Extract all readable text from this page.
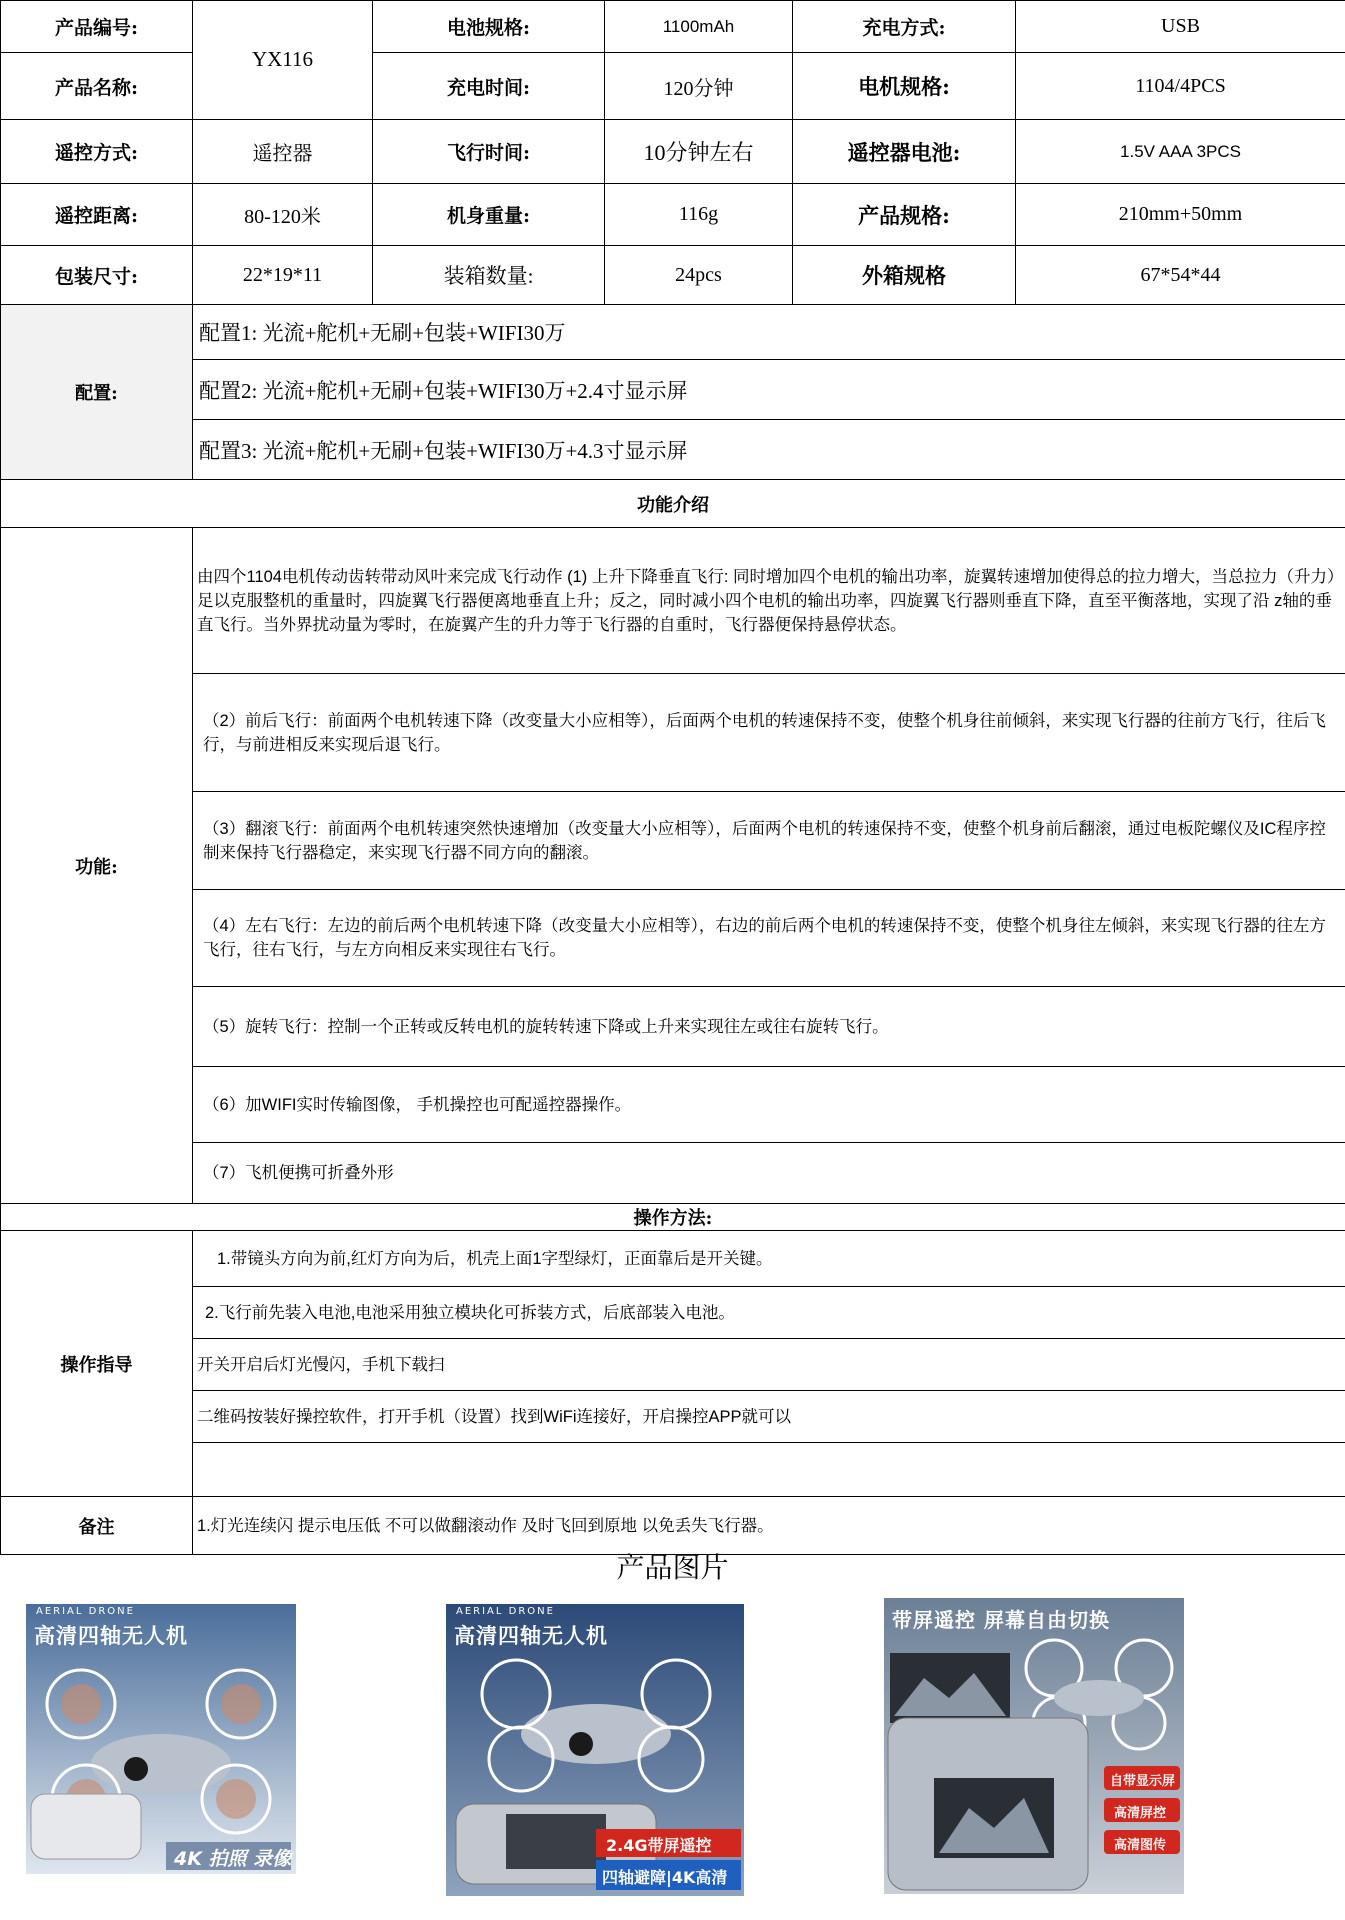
产品编号:	YX116	电池规格:	1100mAh	充电方式:	USB
产品名称:		充电时间:	120分钟	电机规格:	1104/4PCS
遥控方式:	遥控器	飞行时间:	10分钟左右	遥控器电池:	1.5V AAA 3PCS
遥控距离:	80-120米	机身重量:	116g	产品规格:	210mm+50mm
包装尺寸:	22*19*11	装箱数量:	24pcs	外箱规格	67*54*44
配置:	配置1: 光流+舵机+无刷+包装+WIFI30万				
	配置2: 光流+舵机+无刷+包装+WIFI30万+2.4寸显示屏				
	配置3: 光流+舵机+无刷+包装+WIFI30万+4.3寸显示屏				
功能介绍					
功能:	由四个1104电机传动齿转带动风叶来完成飞行动作 (1) 上升下降垂直飞行: 同时增加四个电机的输出功率，旋翼转速增加使得总的拉力增大，当总拉力（升力）足以克服整机的重量时，四旋翼飞行器便离地垂直上升；反之，同时减小四个电机的输出功率，四旋翼飞行器则垂直下降，直至平衡落地，实现了沿 z轴的垂直飞行。当外界扰动量为零时，在旋翼产生的升力等于飞行器的自重时，飞行器便保持悬停状态。				
	（2）前后飞行：前面两个电机转速下降（改变量大小应相等），后面两个电机的转速保持不变，使整个机身往前倾斜，来实现飞行器的往前方飞行，往后飞行，与前进相反来实现后退飞行。				
	（3）翻滚飞行：前面两个电机转速突然快速增加（改变量大小应相等），后面两个电机的转速保持不变，使整个机身前后翻滚，通过电板陀螺仪及IC程序控制来保持飞行器稳定，来实现飞行器不同方向的翻滚。				
	（4）左右飞行：左边的前后两个电机转速下降（改变量大小应相等），右边的前后两个电机的转速保持不变，使整个机身往左倾斜，来实现飞行器的往左方飞行，往右飞行，与左方向相反来实现往右飞行。				
	（5）旋转飞行：控制一个正转或反转电机的旋转转速下降或上升来实现往左或往右旋转飞行。				
	（6）加WIFI实时传输图像， 手机操控也可配遥控器操作。				
	（7）飞机便携可折叠外形				
操作方法:					
操作指导	1.带镜头方向为前,红灯方向为后，机壳上面1字型绿灯，正面靠后是开关键。				
	2.飞行前先装入电池,电池采用独立模块化可拆装方式，后底部装入电池。				
	开关开启后灯光慢闪，手机下载扫				
	二维码按装好操控软件，打开手机（设置）找到WiFi连接好，开启操控APP就可以				

备注	1.灯光连续闪 提示电压低 不可以做翻滚动作 及时飞回到原地 以免丢失飞行器。				
产品图片
AERIAL DRONE
高清四轴无人机
4K 拍照 录像
AERIAL DRONE
高清四轴无人机
2.4G带屏遥控
四轴避障|4K高清
带屏遥控 屏幕自由切换
自带显示屏
高清屏控
高清图传
